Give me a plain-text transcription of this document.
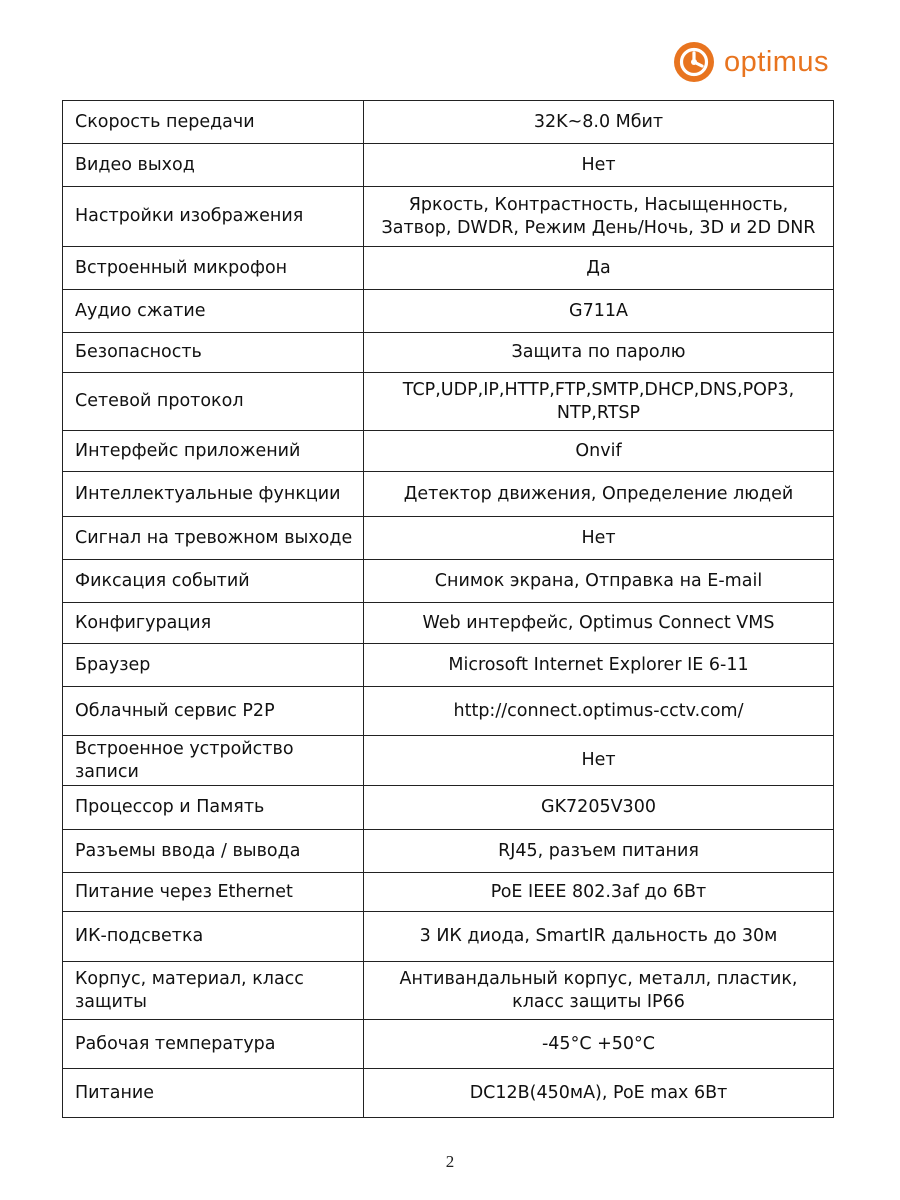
optimus
Скорость передачи	32K~8.0 Мбит
Видео выход	Нет
Настройки изображения	Яркость, Контрастность, Насыщенность, Затвор, DWDR, Режим День/Ночь, 3D и 2D DNR
Встроенный микрофон	Да
Аудио сжатие	G711A
Безопасность	Защита по паролю
Сетевой протокол	TCP,UDP,IP,HTTP,FTP,SMTP,DHCP,DNS,POP3, NTP,RTSP
Интерфейс приложений	Onvif
Интеллектуальные функции	Детектор движения, Определение людей
Сигнал на тревожном выходе	Нет
Фиксация событий	Снимок экрана, Отправка на E-mail
Конфигурация	Web интерфейс, Optimus Connect VMS
Браузер	Microsoft Internet Explorer IE 6-11
Облачный сервис P2P	http://connect.optimus-cctv.com/
Встроенное устройство записи	Нет
Процессор и Память	GK7205V300
Разъемы ввода / вывода	RJ45, разъем питания
Питание через Ethernet	PoE IEEE 802.3af до 6Вт
ИК-подсветка	3 ИК диода, SmartIR дальность до 30м
Корпус, материал, класс защиты	Антивандальный корпус, металл, пластик, класс защиты IP66
Рабочая температура	-45°C +50°C
Питание	DC12В(450мА), PoE max 6Вт
2
